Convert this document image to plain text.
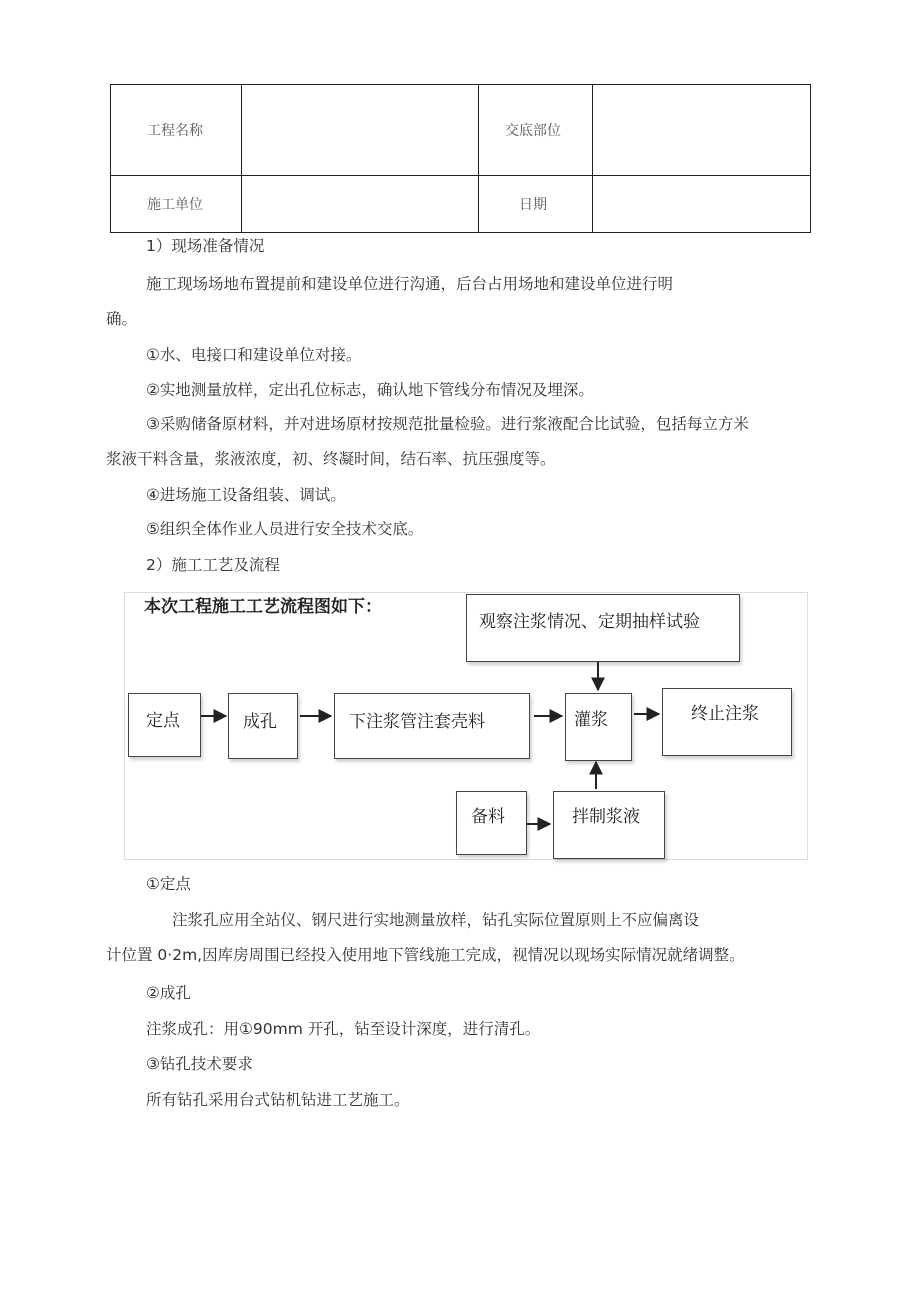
工程名称		交底部位	
施工单位		日期	
1）现场准备情况
施工现场场地布置提前和建设单位进行沟通，后台占用场地和建设单位进行明
确。
①水、电接口和建设单位对接。
②实地测量放样，定出孔位标志，确认地下管线分布情况及埋深。
③采购储备原材料，并对进场原材按规范批量检验。进行浆液配合比试验，包括每立方米
浆液干料含量，浆液浓度，初、终凝时间，结石率、抗压强度等。
④进场施工设备组装、调试。
⑤组织全体作业人员进行安全技术交底。
2）施工工艺及流程
本次工程施工工艺流程图如下：
观察注浆情况、定期抽样试验
定点	成孔	下注浆管注套壳料	灌浆	终止注浆
备料	拌制浆液
①定点
注浆孔应用全站仪、钢尺进行实地测量放样，钻孔实际位置原则上不应偏离设
计位置 0·2m,因库房周围已经投入使用地下管线施工完成，视情况以现场实际情况就绪调整。
②成孔
注浆成孔：用①90mm 开孔，钻至设计深度，进行清孔。
③钻孔技术要求
所有钻孔采用台式钻机钻进工艺施工。
